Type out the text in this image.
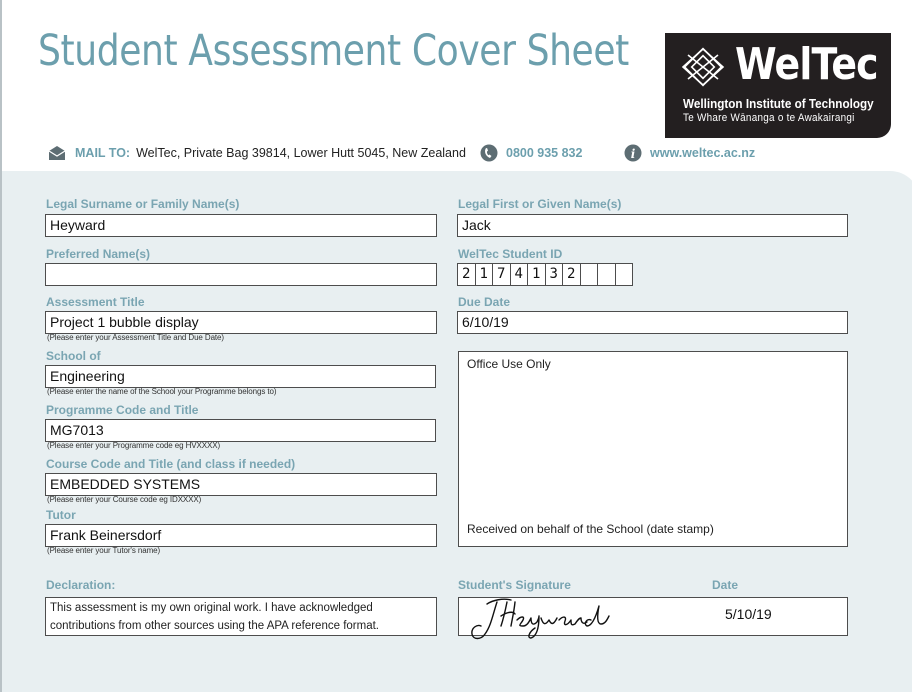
Student Assessment Cover Sheet WelTec
Wellington Institute of Technology
Te Whare Wānanga o te Awakairangi
MAIL TO: WelTec, Private Bag 39814, Lower Hutt 5045, New Zealand	0800 935 832	i www.weltec.ac.nz
Legal Surname or Family Name(s)
Heyward
Preferred Name(s)
Assessment Title
Project 1 bubble display
(Please enter your Assessment Title and Due Date)
School of
Engineering
(Please enter the name of the School your Programme belongs to)
Programme Code and Title
MG7013
(Please enter your Programme code eg HVXXXX)
Course Code and Title (and class if needed)
EMBEDDED SYSTEMS
(Please enter your Course code eg IDXXXX)
Tutor
Frank Beinersdorf
(Please enter your Tutor's name)
Legal First or Given Name(s)
Jack
WelTec Student ID
2 1 7 4 1 3 2
Due Date
6/10/19
Office Use Only
Received on behalf of the School (date stamp)
Declaration:
This assessment is my own original work. I have acknowledged contributions from other sources using the APA reference format.
Student's Signature	Date
5/10/19
